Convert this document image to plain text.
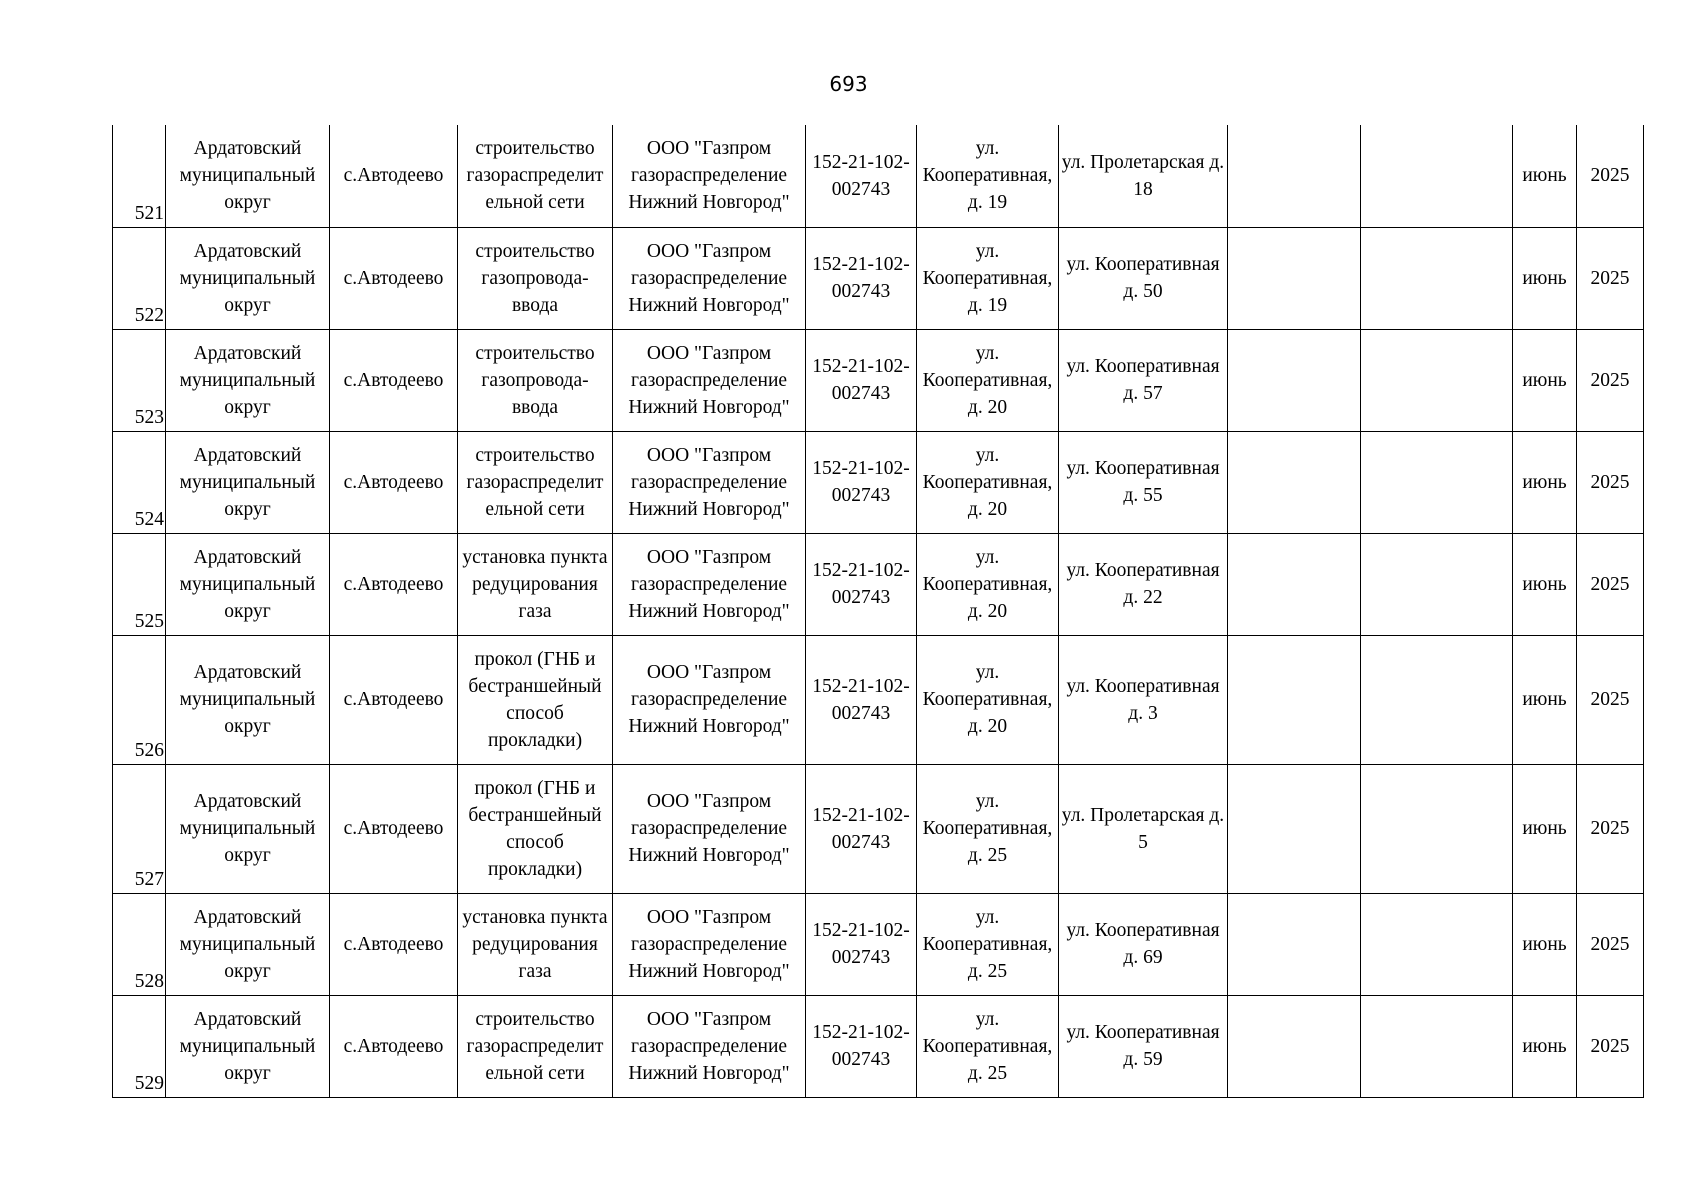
693
521	Ардатовский муниципальный округ	с.Автодеево	строительство газораспределит ельной сети	ООО "Газпром газораспределение Нижний Новгород"	152-21-102- 002743	ул. Кооперативная, д. 19	ул. Пролетарская д. 18			июнь	2025
522	Ардатовский муниципальный округ	с.Автодеево	строительство газопровода- ввода	ООО "Газпром газораспределение Нижний Новгород"	152-21-102- 002743	ул. Кооперативная, д. 19	ул. Кооперативная д. 50			июнь	2025
523	Ардатовский муниципальный округ	с.Автодеево	строительство газопровода- ввода	ООО "Газпром газораспределение Нижний Новгород"	152-21-102- 002743	ул. Кооперативная, д. 20	ул. Кооперативная д. 57			июнь	2025
524	Ардатовский муниципальный округ	с.Автодеево	строительство газораспределит ельной сети	ООО "Газпром газораспределение Нижний Новгород"	152-21-102- 002743	ул. Кооперативная, д. 20	ул. Кооперативная д. 55			июнь	2025
525	Ардатовский муниципальный округ	с.Автодеево	установка пункта редуцирования газа	ООО "Газпром газораспределение Нижний Новгород"	152-21-102- 002743	ул. Кооперативная, д. 20	ул. Кооперативная д. 22			июнь	2025
526	Ардатовский муниципальный округ	с.Автодеево	прокол (ГНБ и бестраншейный способ прокладки)	ООО "Газпром газораспределение Нижний Новгород"	152-21-102- 002743	ул. Кооперативная, д. 20	ул. Кооперативная д. 3			июнь	2025
527	Ардатовский муниципальный округ	с.Автодеево	прокол (ГНБ и бестраншейный способ прокладки)	ООО "Газпром газораспределение Нижний Новгород"	152-21-102- 002743	ул. Кооперативная, д. 25	ул. Пролетарская д. 5			июнь	2025
528	Ардатовский муниципальный округ	с.Автодеево	установка пункта редуцирования газа	ООО "Газпром газораспределение Нижний Новгород"	152-21-102- 002743	ул. Кооперативная, д. 25	ул. Кооперативная д. 69			июнь	2025
529	Ардатовский муниципальный округ	с.Автодеево	строительство газораспределит ельной сети	ООО "Газпром газораспределение Нижний Новгород"	152-21-102- 002743	ул. Кооперативная, д. 25	ул. Кооперативная д. 59			июнь	2025
